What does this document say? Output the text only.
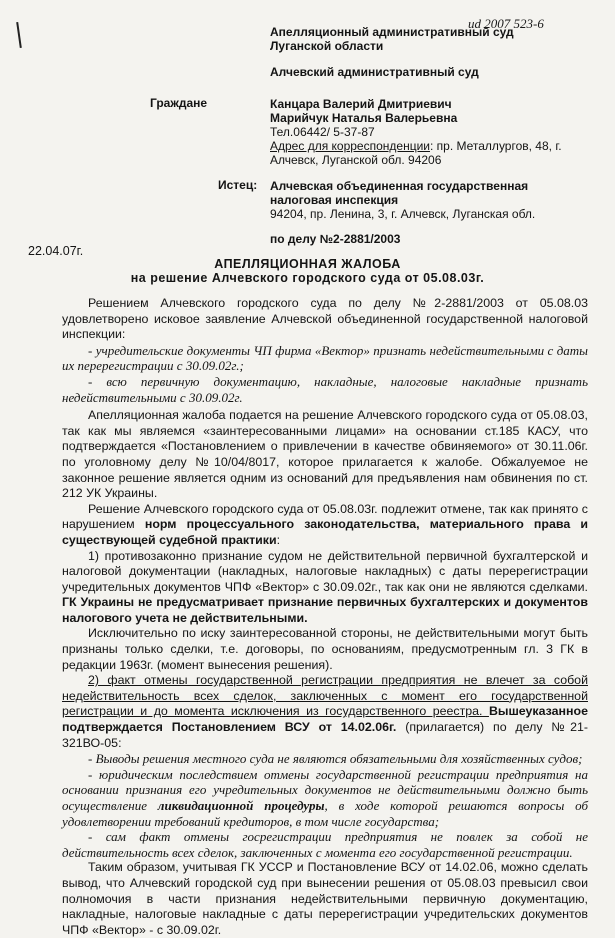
ud 2007 523-6
Апелляционный административный суд
Луганской области
Алчевский административный суд
Граждане	Канцара Валерий Дмитриевич
Марийчук Наталья Валерьевна
Тел.06442/ 5-37-87
Адрес для корреспонденции: пр. Металлургов, 48, г.
Алчевск, Луганской обл. 94206
Истец: Алчевская объединенная государственная
налоговая инспекция
94204, пр. Ленина, 3, г. Алчевск, Луганская обл.
по делу №2-2881/2003
22.04.07г.
АПЕЛЛЯЦИОННАЯ ЖАЛОБА
на решение Алчевского городского суда от 05.08.03г.

Решением Алчевского городского суда по делу №2-2881/2003 от 05.08.03 удовлетворено исковое заявление Алчевской объединенной государственной налоговой инспекции:

- учредительские документы ЧП фирма «Вектор» признать недействительными с даты их перерегистрации с 30.09.02г.;

- всю первичную документацию, накладные, налоговые накладные признать недействительными с 30.09.02г.

Апелляционная жалоба подается на решение Алчевского городского суда от 05.08.03, так как мы являемся «заинтересованными лицами» на основании ст.185 КАСУ, что подтверждается «Постановлением о привлечении в качестве обвиняемого» от 30.11.06г. по уголовному делу №10/04/8017, которое прилагается к жалобе. Обжалуемое не законное решение является одним из оснований для предъявления нам обвинения по ст. 212 УК Украины.

Решение Алчевского городского суда от 05.08.03г. подлежит отмене, так как принято с нарушением норм процессуального законодательства, материального права и существующей судебной практики:

1) противозаконно признание судом не действительной первичной бухгалтерской и налоговой документации (накладных, налоговые накладных) с даты перерегистрации учредительных документов ЧПФ «Вектор» с 30.09.02г., так как они не являются сделками. ГК Украины не предусматривает признание первичных бухгалтерских и документов налогового учета не действительными.

Исключительно по иску заинтересованной стороны, не действительными могут быть признаны только сделки, т.е. договоры, по основаниям, предусмотренным гл. 3 ГК в редакции 1963г. (момент вынесения решения).

2) факт отмены государственной регистрации предприятия не влечет за собой недействительность всех сделок, заключенных с момент его государственной регистрации и до момента исключения из государственного реестра. Вышеуказанное подтверждается Постановлением ВСУ от 14.02.06г. (прилагается) по делу №21-321ВО-05:

- Выводы решения местного суда не являются обязательными для хозяйственных судов;

- юридическим последствием отмены государственной регистрации предприятия на основании признания его учредительных документов не действительными должно быть осуществление ликвидационной процедуры, в ходе которой решаются вопросы об удовлетворении требований кредиторов, в том числе государства;

- сам факт отмены госрегистрации предприятия не повлек за собой не действительность всех сделок, заключенных с момента его государственной регистрации.

Таким образом, учитывая ГК УССР и Постановление ВСУ от 14.02.06, можно сделать вывод, что Алчевский городской суд при вынесении решения от 05.08.03 превысил свои полномочия в части признания недействительными первичную документацию, накладные, налоговые накладные с даты перерегистрации учредительских документов ЧПФ «Вектор» - с 30.09.02г.
